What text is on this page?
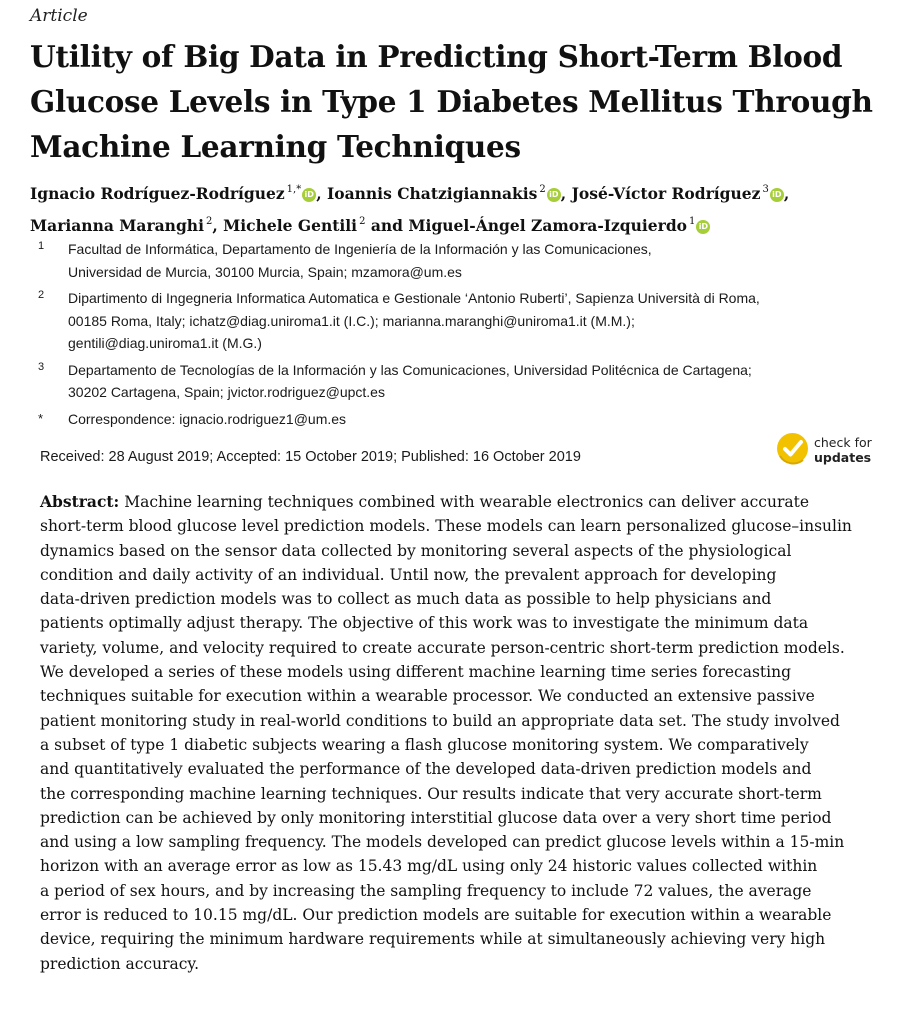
Article
Utility of Big Data in Predicting Short-Term Blood
Glucose Levels in Type 1 Diabetes Mellitus Through
Machine Learning Techniques
Ignacio Rodríguez-Rodríguez $^{1,*}$ iD , Ioannis Chatzigiannakis $^2$ iD , José-Víctor Rodríguez $^3$ iD ,
Marianna Maranghi $^2$, Michele Gentili $^2$ and Miguel-Ángel Zamora-Izquierdo $^1$ iD
1 Facultad de Informática, Departamento de Ingeniería de la Información y las Comunicaciones,
Universidad de Murcia, 30100 Murcia, Spain; mzamora@um.es
2 Dipartimento di Ingegneria Informatica Automatica e Gestionale ‘Antonio Ruberti’, Sapienza Università di Roma,
00185 Roma, Italy; ichatz@diag.uniroma1.it (I.C.); marianna.maranghi@uniroma1.it (M.M.);
gentili@diag.uniroma1.it (M.G.)
3 Departamento de Tecnologías de la Información y las Comunicaciones, Universidad Politécnica de Cartagena;
30202 Cartagena, Spain; jvictor.rodriguez@upct.es
* Correspondence: ignacio.rodriguez1@um.es
Received: 28 August 2019; Accepted: 15 October 2019; Published: 16 October 2019
check for
updates
Abstract: Machine learning techniques combined with wearable electronics can deliver accurate
short-term blood glucose level prediction models. These models can learn personalized glucose–insulin
dynamics based on the sensor data collected by monitoring several aspects of the physiological
condition and daily activity of an individual. Until now, the prevalent approach for developing
data-driven prediction models was to collect as much data as possible to help physicians and
patients optimally adjust therapy. The objective of this work was to investigate the minimum data
variety, volume, and velocity required to create accurate person-centric short-term prediction models.
We developed a series of these models using different machine learning time series forecasting
techniques suitable for execution within a wearable processor. We conducted an extensive passive
patient monitoring study in real-world conditions to build an appropriate data set. The study involved
a subset of type 1 diabetic subjects wearing a flash glucose monitoring system. We comparatively
and quantitatively evaluated the performance of the developed data-driven prediction models and
the corresponding machine learning techniques. Our results indicate that very accurate short-term
prediction can be achieved by only monitoring interstitial glucose data over a very short time period
and using a low sampling frequency. The models developed can predict glucose levels within a 15-min
horizon with an average error as low as 15.43 mg/dL using only 24 historic values collected within
a period of sex hours, and by increasing the sampling frequency to include 72 values, the average
error is reduced to 10.15 mg/dL. Our prediction models are suitable for execution within a wearable
device, requiring the minimum hardware requirements while at simultaneously achieving very high
prediction accuracy.
